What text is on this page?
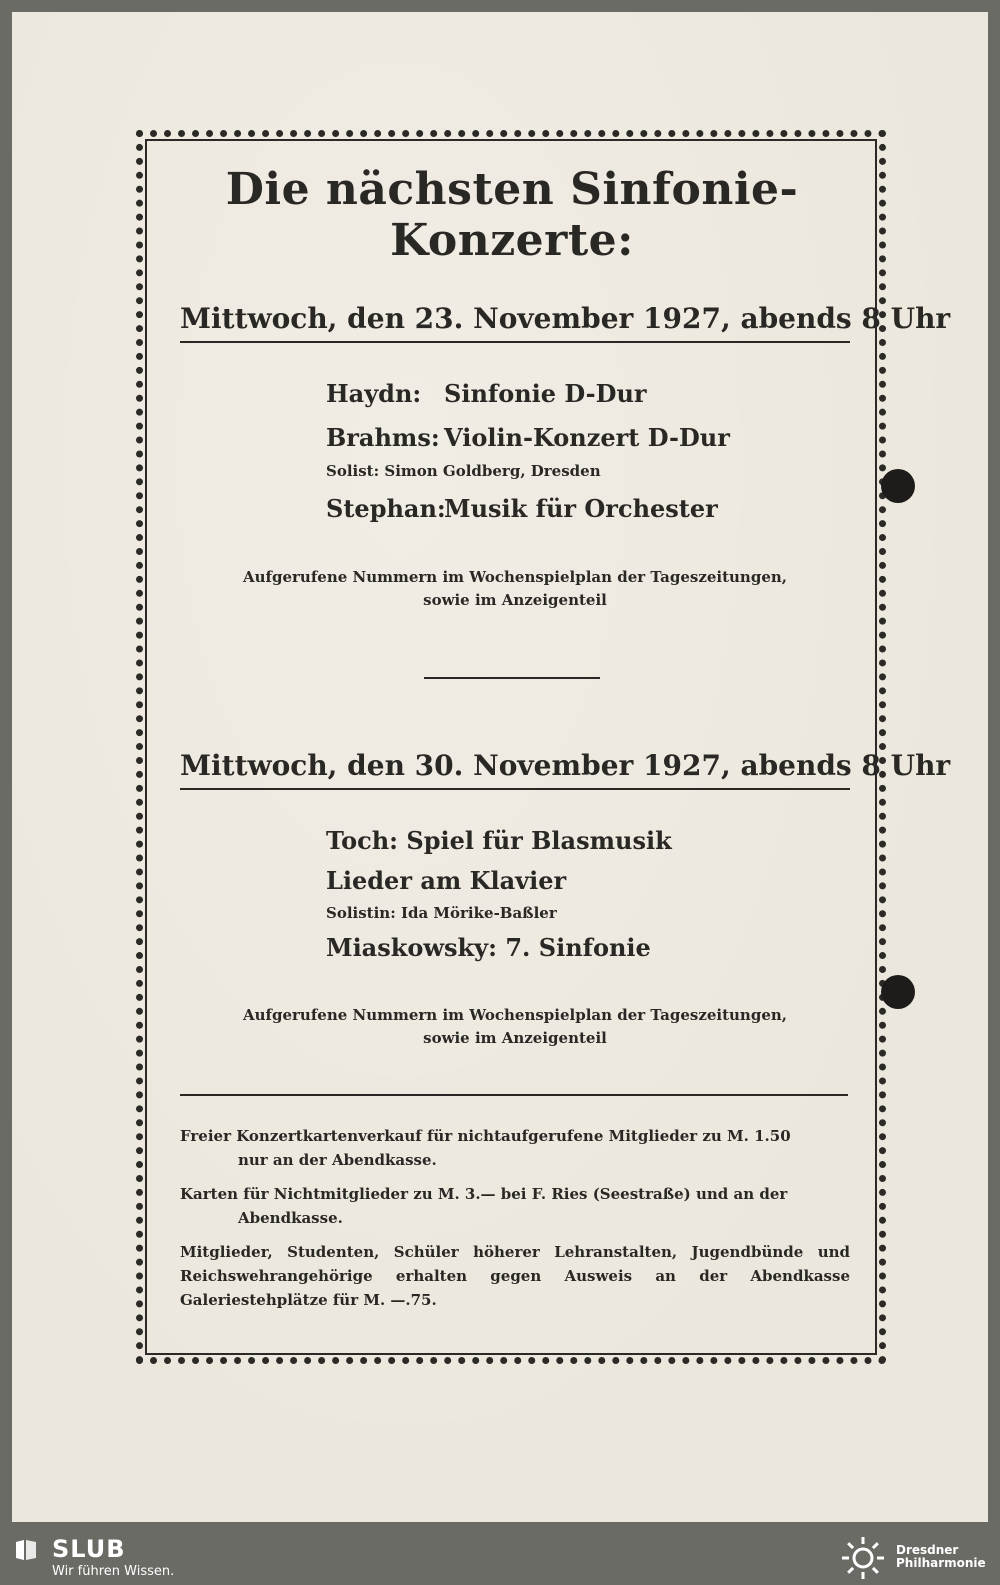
Die nächsten Sinfonie-Konzerte:
Mittwoch, den 23. November 1927, abends 8 Uhr
Haydn: Sinfonie D-Dur
Brahms: Violin-Konzert D-Dur
Solist: Simon Goldberg, Dresden
Stephan:Musik für Orchester
Aufgerufene Nummern im Wochenspielplan der Tageszeitungen,
sowie im Anzeigenteil
Mittwoch, den 30. November 1927, abends 8 Uhr
Toch: Spiel für Blasmusik
Lieder am Klavier
Solistin: Ida Mörike-Baßler
Miaskowsky: 7. Sinfonie
Aufgerufene Nummern im Wochenspielplan der Tageszeitungen,
sowie im Anzeigenteil
Freier Konzertkartenverkauf für nichtaufgerufene Mitglieder zu M. 1.50
nur an der Abendkasse.
Karten für Nichtmitglieder zu M. 3.— bei F. Ries (Seestraße) und an der
Abendkasse.
Mitglieder, Studenten, Schüler höherer Lehranstalten, Jugendbünde und Reichswehrangehörige erhalten gegen Ausweis an der Abendkasse Galeriestehplätze für M. —.75.
SLUB
Wir führen Wissen.
Dresdner
Philharmonie
